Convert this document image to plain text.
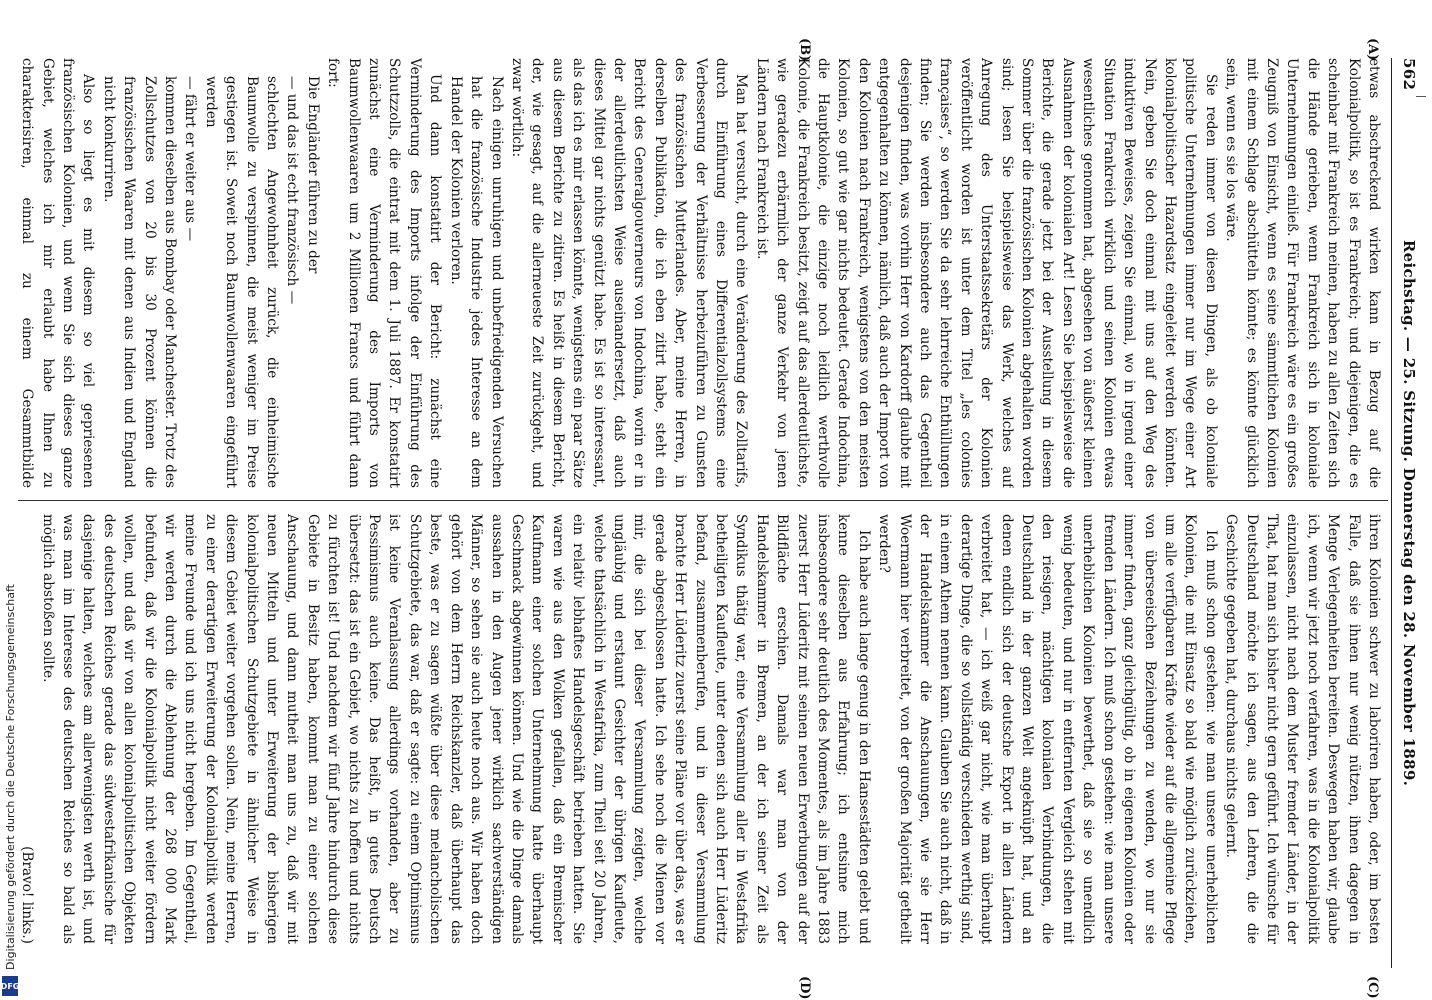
Digitalisierung gefördert durch die Deutsche Forschungsgemeinschaft
DFG
562
Reichstag. — 25. Sitzung. Donnerstag den 28. November 1889.
(A)
(B)
(C)
(D)

etwas abschreckend wirken kann in Bezug auf die Kolonialpolitik, so ist es Frankreich; und diejenigen, die es scheinbar mit Frankreich meinen, haben zu allen Zeiten sich die Hände gerieben, wenn Frankreich sich in koloniale Unternehmungen einließ. Für Frankreich wäre es ein großes Zeugniß von Einsicht, wenn es seine sämmtlichen Kolonien mit einem Schlage abschütteln könnte; es könnte glücklich sein, wenn es sie los wäre.

Sie reden immer von diesen Dingen, als ob koloniale politische Unternehmungen immer nur im Wege einer Art kolonialpolitischer Hazardsatz eingeleitet werden könnten. Nein, geben Sie doch einmal mit uns auf den Weg des induktiven Beweises, zeigen Sie einmal, wo in irgend einer Situation Frankreich wirklich und seinen Kolonien etwas wesentliches genommen hat, abgesehen von äußerst kleinen Ausnahmen der kolonialen Art! Lesen Sie beispielsweise die Berichte, die gerade jetzt bei der Ausstellung in diesem Sommer über die französischen Kolonien abgehalten worden sind; lesen Sie beispielsweise das Werk, welches auf Anregung des Unterstaatssekretärs der Kolonien veröffentlicht worden ist unter dem Titel „les colonies françaises“, so werden Sie da sehr lehrreiche Enthüllungen finden; Sie werden insbesondere auch das Gegentheil desjenigen finden, was vorhin Herr von Kardorff glaubte mit entgegenhalten zu können, nämlich, daß auch der Import von den Kolonien nach Frankreich, wenigstens von den meisten Kolonien, so gut wie gar nichts bedeutet. Gerade Indochina, die Hauptkolonie, die einzige noch leidlich werthvolle Kolonie, die Frankreich besitzt, zeigt auf das allerdeutlichste, wie geradezu erbärmlich der ganze Verkehr von jenen Ländern nach Frankreich ist.

Man hat versucht, durch eine Veränderung des Zolltarifs, durch Einführung eines Differentialzollsystems eine Verbesserung der Verhältnisse herbeizuführen zu Gunsten des französischen Mutterlandes. Aber, meine Herren, in derselben Publikation, die ich eben zitirt habe, steht ein Bericht des Generalgouverneurs von Indochina, worin er in der allerdeutlichsten Weise auseinandersetzt, daß auch dieses Mittel gar nichts genützt habe. Es ist so interessant, als das ich es mir erlassen könnte, wenigstens ein paar Sätze aus diesem Berichte zu zitiren. Es heißt in diesem Bericht, der, wie gesagt, auf die allerneueste Zeit zurückgeht, und zwar wörtlich:

Nach einigen unruhigen und unbefriedigenden Versuchen hat die französische Industrie jedes Interesse an dem Handel der Kolonien verloren.

Und dann konstatirt der Bericht: zunächst eine Verminderung des Imports infolge der Einführung des Schutzzolls, die eintrat mit dem 1. Juli 1887. Er konstatirt zunächst eine Verminderung des Imports von Baumwollenwaaren um 2 Millionen Francs und führt dann fort:

Die Engländer führen zu der

— und das ist echt französisch —

schlechten Angewohnheit zurück, die einheimische Baumwolle zu verspinnen, die meist weniger im Preise gestiegen ist. Soweit noch Baumwollenwaaren eingeführt werden

— fährt er weiter aus —

kommen dieselben aus Bombay oder Manchester. Trotz des Zollschutzes von 20 bis 30 Prozent können die französischen Waaren mit denen aus Indien und England nicht konkurriren.

Also so liegt es mit diesem so viel gepriesenen französischen Kolonien, und wenn Sie sich dieses ganze Gebiet, welches ich mir erlaubt habe Ihnen zu charakterisiren, einmal zu einem Gesammtbilde

ihren Kolonien schwer zu laboriren haben, oder, im besten Falle, daß sie ihnen nur wenig nützen, ihnen dagegen in Menge Verlegenheiten bereiten. Deswegen haben wir, glaube ich, wenn wir jetzt noch verfahren, was in die Kolonialpolitik einzulassen, nicht nach dem Muster fremder Länder, in der That, hat man sich bisher nicht gern geführt. Ich wünsche für Deutschland möchte ich sagen, aus den Lehren, die die Geschichte gegeben hat, durchaus nichts gelernt.

Ich muß schon gestehen: wie man unsere unerheblichen Kolonien, die mit Einsatz so bald wie möglich zurückziehen, um alle verfügbaren Kräfte wieder auf die allgemeine Pflege von überseeischen Beziehungen zu wenden, wo nur sie immer finden, ganz gleichgültig, ob in eigenen Kolonien oder fremden Ländern. Ich muß schon gestehen: wie man unsere unerheblichen Kolonien bewerthet, daß sie so unendlich wenig bedeuten, und nur in entfernten Vergleich stehen mit den riesigen, mächtigen kolonialen Verbindungen, die Deutschland in der ganzen Welt angeknüpft hat, und an denen endlich sich der deutsche Export in allen Ländern verbreitet hat, — ich weiß gar nicht, wie man überhaupt derartige Dinge, die so vollständig verschieden werthig sind, in einem Athem nennen kann. Glauben Sie auch nicht, daß in der Handelskammer die Anschauungen, wie sie Herr Woermann hier verbreitet, von der großen Majorität getheilt werden?

Ich habe auch lange genug in den Hansestädten gelebt und kenne dieselben aus Erfahrung; ich entsinne mich insbesondere sehr deutlich des Momentes, als im Jahre 1883 zuerst Herr Lüderitz mit seinen neuen Erwerbungen auf der Bildfläche erschien. Damals war man von der Handelskammer in Bremen, an der ich seiner Zeit als Syndikus thätig war, eine Versammlung aller in Westafrika betheiligten Kaufleute, unter denen sich auch Herr Lüderitz befand, zusammenberufen, und in dieser Versammlung brachte Herr Lüderitz zuerst seine Pläne vor über das, was er gerade abgeschlossen hatte. Ich sehe noch die Mienen vor mir, die sich bei dieser Versammlung zeigten, welche ungläubig und erstaunt Gesichter der übrigen Kaufleute, welche thatsächlich in Westafrika, zum Theil seit 20 Jahren, ein relativ lebhaftes Handelsgeschäft betrieben hatten. Sie waren wie aus den Wolken gefallen, daß ein Bremischer Kaufmann einer solchen Unternehmung hatte überhaupt Geschmack abgewinnen können. Und wie die Dinge damals aussahen in den Augen jener wirklich sachverständigen Männer, so sehen sie auch heute noch aus. Wir haben doch gehört von dem Herrn Reichskanzler, daß überhaupt das beste, was er zu sagen wüßte über diese melancholischen Schutzgebiete, das war, daß er sagte: zu einem Optimismus ist keine Veranlassung allerdings vorhanden, aber zu Pessimismus auch keine. Das heißt, in gutes Deutsch übersetzt: das ist ein Gebiet, wo nichts zu hoffen und nichts zu fürchten ist! Und nachdem wir fünf Jahre hindurch diese Gebiete in Besitz haben, kommt man zu einer solchen Anschauung, und dann mutheit man uns zu, daß wir mit neuen Mitteln und unter Erweiterung der bisherigen kolonialpolitischen Schutzgebiete in ähnlicher Weise in diesem Gebiet weiter vorgehen sollen. Nein, meine Herren, zu einer derartigen Erweiterung der Kolonialpolitik werden meine Freunde und ich uns nicht hergeben. Im Gegentheil, wir werden durch die Ablehnung der 268 000 Mark befunden, daß wir die Kolonialpolitik nicht weiter fördern wollen, und daß wir von allen kolonialpolitischen Objekten des deutschen Reiches gerade das südwestafrikanische für dasjenige halten, welches am allerwenigsten werth ist, und was man im Interesse des deutschen Reiches so bald als möglich abstoßen sollte.

(Bravo! links.)
